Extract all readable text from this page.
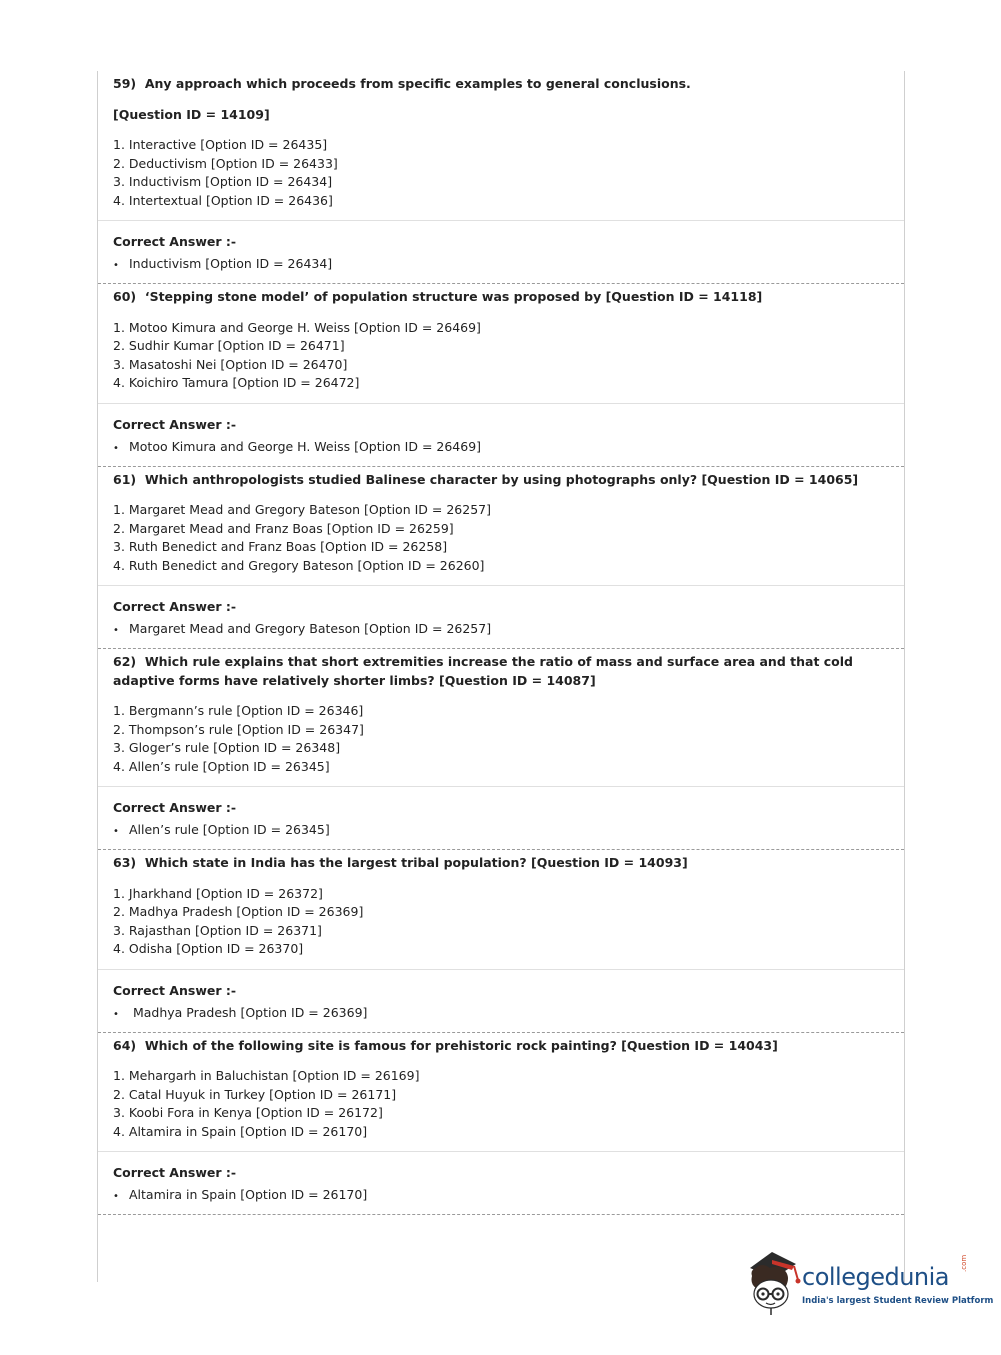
59) Any approach which proceeds from specific examples to general conclusions.
[Question ID = 14109]
1. Interactive [Option ID = 26435]
2. Deductivism [Option ID = 26433]
3. Inductivism [Option ID = 26434]
4. Intertextual [Option ID = 26436]
Correct Answer :-
• Inductivism [Option ID = 26434]
60) ‘Stepping stone model’ of population structure was proposed by [Question ID = 14118]
1. Motoo Kimura and George H. Weiss [Option ID = 26469]
2. Sudhir Kumar [Option ID = 26471]
3. Masatoshi Nei [Option ID = 26470]
4. Koichiro Tamura [Option ID = 26472]
Correct Answer :-
• Motoo Kimura and George H. Weiss [Option ID = 26469]
61) Which anthropologists studied Balinese character by using photographs only? [Question ID = 14065]
1. Margaret Mead and Gregory Bateson [Option ID = 26257]
2. Margaret Mead and Franz Boas [Option ID = 26259]
3. Ruth Benedict and Franz Boas [Option ID = 26258]
4. Ruth Benedict and Gregory Bateson [Option ID = 26260]
Correct Answer :-
• Margaret Mead and Gregory Bateson [Option ID = 26257]
62) Which rule explains that short extremities increase the ratio of mass and surface area and that cold adaptive forms have relatively shorter limbs? [Question ID = 14087]
1. Bergmann’s rule [Option ID = 26346]
2. Thompson’s rule [Option ID = 26347]
3. Gloger’s rule [Option ID = 26348]
4. Allen’s rule [Option ID = 26345]
Correct Answer :-
• Allen’s rule [Option ID = 26345]
63) Which state in India has the largest tribal population? [Question ID = 14093]
1. Jharkhand [Option ID = 26372]
2. Madhya Pradesh [Option ID = 26369]
3. Rajasthan [Option ID = 26371]
4. Odisha [Option ID = 26370]
Correct Answer :-
• Madhya Pradesh [Option ID = 26369]
64) Which of the following site is famous for prehistoric rock painting? [Question ID = 14043]
1. Mehargarh in Baluchistan [Option ID = 26169]
2. Catal Huyuk in Turkey [Option ID = 26171]
3. Koobi Fora in Kenya [Option ID = 26172]
4. Altamira in Spain [Option ID = 26170]
Correct Answer :-
• Altamira in Spain [Option ID = 26170]
collegedunia .com
India's largest Student Review Platform
